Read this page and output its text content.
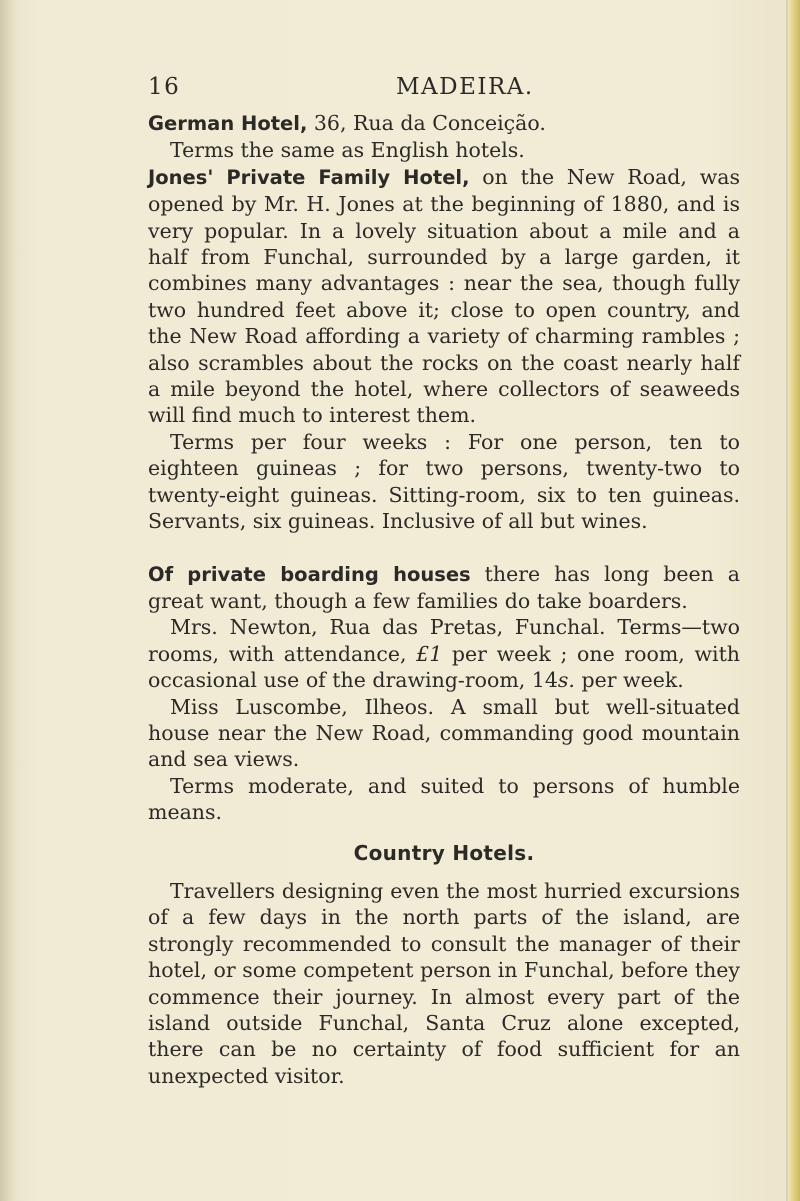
16	MADEIRA.

German Hotel, 36, Rua da Conceição.

Terms the same as English hotels.

Jones' Private Family Hotel, on the New Road, was opened by Mr. H. Jones at the beginning of 1880, and is very popular. In a lovely situation about a mile and a half from Funchal, surrounded by a large garden, it combines many advantages : near the sea, though fully two hundred feet above it; close to open country, and the New Road affording a variety of charming rambles ; also scrambles about the rocks on the coast nearly half a mile beyond the hotel, where collectors of seaweeds will find much to interest them.

Terms per four weeks : For one person, ten to eighteen guineas ; for two persons, twenty-two to twenty-eight guineas. Sitting-room, six to ten guineas. Servants, six guineas. Inclusive of all but wines.

Of private boarding houses there has long been a great want, though a few families do take boarders.

Mrs. Newton, Rua das Pretas, Funchal. Terms—two rooms, with attendance, £1 per week ; one room, with occasional use of the drawing-room, 14s. per week.

Miss Luscombe, Ilheos. A small but well-situated house near the New Road, commanding good mountain and sea views.

Terms moderate, and suited to persons of humble means.

Country Hotels.

Travellers designing even the most hurried excursions of a few days in the north parts of the island, are strongly recommended to consult the manager of their hotel, or some competent person in Funchal, before they commence their journey. In almost every part of the island outside Funchal, Santa Cruz alone excepted, there can be no certainty of food sufficient for an unexpected visitor.
